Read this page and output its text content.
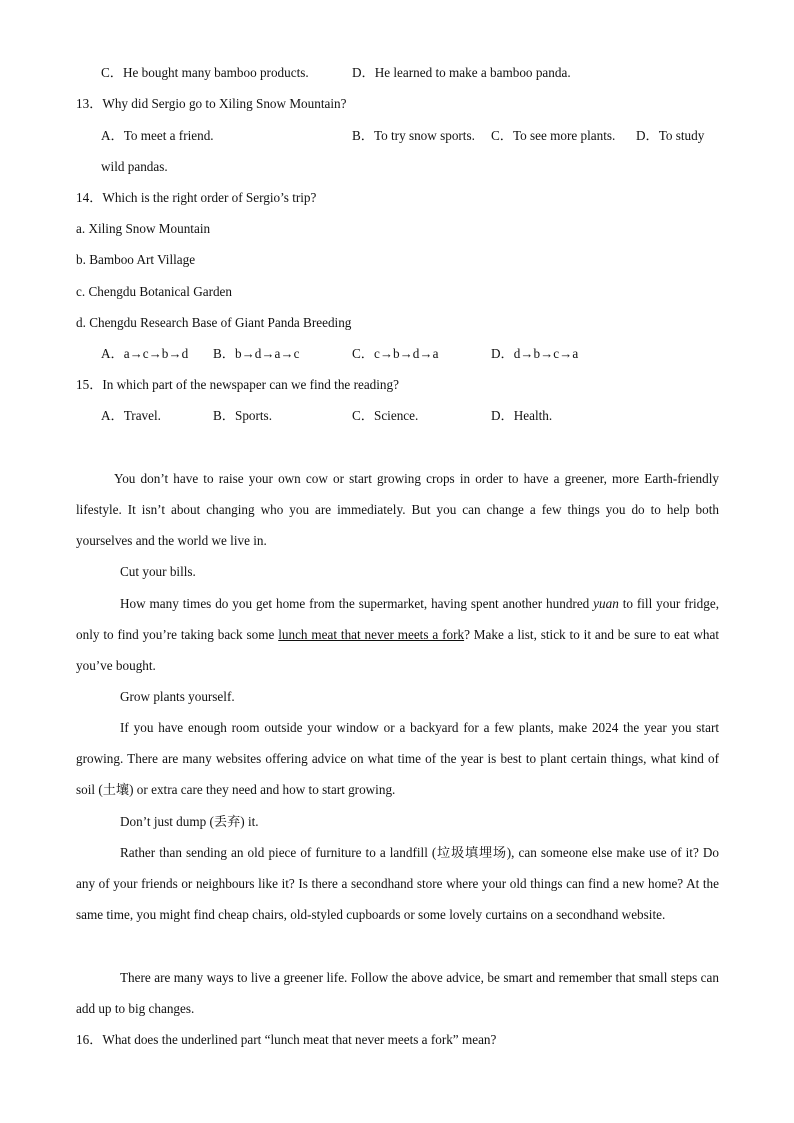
C．He bought many bamboo products.	D．He learned to make a bamboo panda.
13．Why did Sergio go to Xiling Snow Mountain?
A．To meet a friend.	B．To try snow sports. C．To see more plants. D．To study
wild pandas.
14．Which is the right order of Sergio’s trip?
a. Xiling Snow Mountain
b. Bamboo Art Village
c. Chengdu Botanical Garden
d. Chengdu Research Base of Giant Panda Breeding
A．a→c→b→d B．b→d→a→c	C．c→b→d→a	D．d→b→c→a
15．In which part of the newspaper can we find the reading?
A．Travel.	B．Sports.	C．Science.	D．Health.
You don’t have to raise your own cow or start growing crops in order to have a greener, more Earth-friendly lifestyle. It isn’t about changing who you are immediately. But you can change a few things you do to help both yourselves and the world we live in.
Cut your bills.
How many times do you get home from the supermarket, having spent another hundred yuan to fill your fridge, only to find you’re taking back some lunch meat that never meets a fork? Make a list, stick to it and be sure to eat what you’ve bought.
Grow plants yourself.
If you have enough room outside your window or a backyard for a few plants, make 2024 the year you start growing. There are many websites offering advice on what time of the year is best to plant certain things, what kind of soil (土壤) or extra care they need and how to start growing.
Don’t just dump (丢弃) it.
Rather than sending an old piece of furniture to a landfill (垃圾填埋场), can someone else make use of it? Do any of your friends or neighbours like it? Is there a secondhand store where your old things can find a new home? At the same time, you might find cheap chairs, old-styled cupboards or some lovely curtains on a secondhand website.
There are many ways to live a greener life. Follow the above advice, be smart and remember that small steps can add up to big changes.
16．What does the underlined part “lunch meat that never meets a fork” mean?
